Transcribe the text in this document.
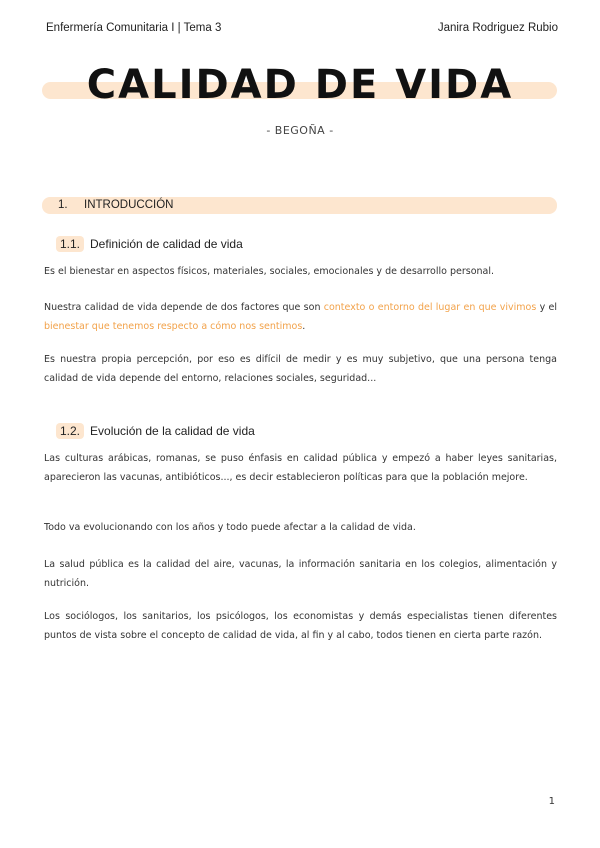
Enfermería Comunitaria I | Tema 3	Janira Rodriguez Rubio
CALIDAD DE VIDA
- BEGOÑA -
1. INTRODUCCIÓN
1.1. Definición de calidad de vida
Es el bienestar en aspectos físicos, materiales, sociales, emocionales y de desarrollo personal.
Nuestra calidad de vida depende de dos factores que son contexto o entorno del lugar en que vivimos y el bienestar que tenemos respecto a cómo nos sentimos.
Es nuestra propia percepción, por eso es difícil de medir y es muy subjetivo, que una persona tenga calidad de vida depende del entorno, relaciones sociales, seguridad...
1.2. Evolución de la calidad de vida
Las culturas arábicas, romanas, se puso énfasis en calidad pública y empezó a haber leyes sanitarias, aparecieron las vacunas, antibióticos..., es decir establecieron políticas para que la población mejore.
Todo va evolucionando con los años y todo puede afectar a la calidad de vida.
La salud pública es la calidad del aire, vacunas, la información sanitaria en los colegios, alimentación y nutrición.
Los sociólogos, los sanitarios, los psicólogos, los economistas y demás especialistas tienen diferentes puntos de vista sobre el concepto de calidad de vida, al fin y al cabo, todos tienen en cierta parte razón.
1
